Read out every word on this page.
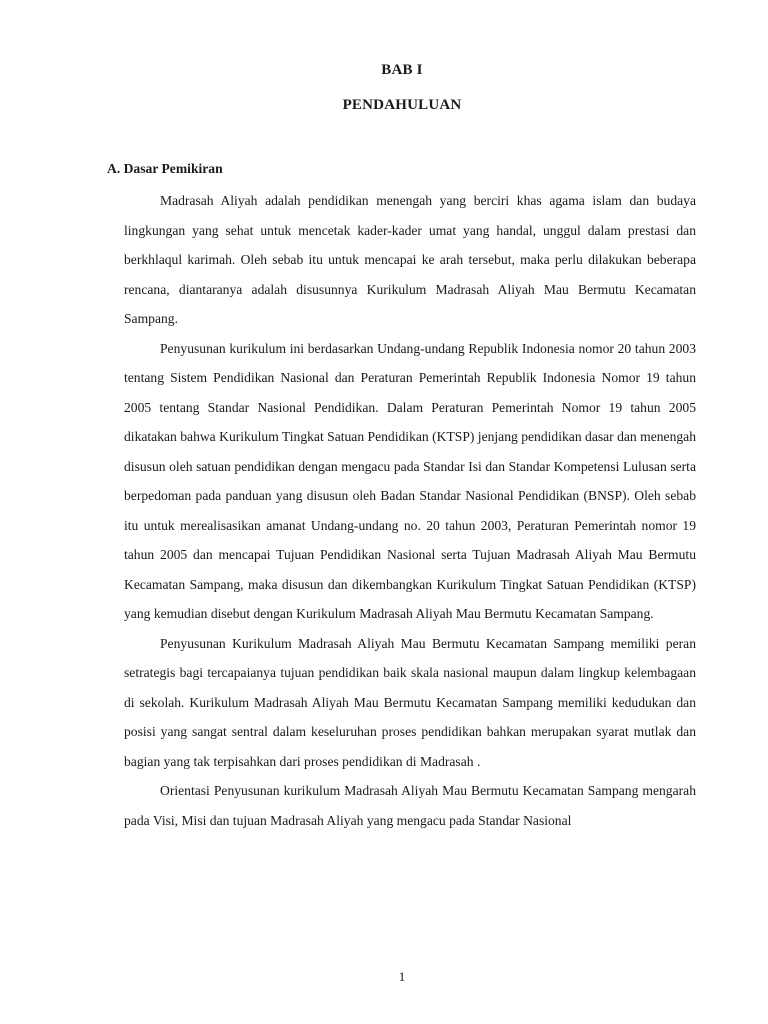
BAB I
PENDAHULUAN
A. Dasar Pemikiran

Madrasah Aliyah adalah pendidikan menengah yang berciri khas agama islam dan budaya lingkungan yang sehat untuk mencetak kader-kader umat yang handal, unggul dalam prestasi dan berkhlaqul karimah. Oleh sebab itu untuk mencapai ke arah tersebut, maka perlu dilakukan beberapa rencana, diantaranya adalah disusunnya Kurikulum Madrasah Aliyah Mau Bermutu Kecamatan Sampang.

Penyusunan kurikulum ini berdasarkan Undang-undang Republik Indonesia nomor 20 tahun 2003 tentang Sistem Pendidikan Nasional dan Peraturan Pemerintah Republik Indonesia Nomor 19 tahun 2005 tentang Standar Nasional Pendidikan. Dalam Peraturan Pemerintah Nomor 19 tahun 2005 dikatakan bahwa Kurikulum Tingkat Satuan Pendidikan (KTSP) jenjang pendidikan dasar dan menengah disusun oleh satuan pendidikan dengan mengacu pada Standar Isi dan Standar Kompetensi Lulusan serta berpedoman pada panduan yang disusun oleh Badan Standar Nasional Pendidikan (BNSP). Oleh sebab itu untuk merealisasikan amanat Undang-undang no. 20 tahun 2003, Peraturan Pemerintah nomor 19 tahun 2005 dan mencapai Tujuan Pendidikan Nasional serta Tujuan Madrasah Aliyah Mau Bermutu Kecamatan Sampang, maka disusun dan dikembangkan Kurikulum Tingkat Satuan Pendidikan (KTSP) yang kemudian disebut dengan Kurikulum Madrasah Aliyah Mau Bermutu Kecamatan Sampang.

Penyusunan Kurikulum Madrasah Aliyah Mau Bermutu Kecamatan Sampang memiliki peran setrategis bagi tercapaianya tujuan pendidikan baik skala nasional maupun dalam lingkup kelembagaan di sekolah. Kurikulum Madrasah Aliyah Mau Bermutu Kecamatan Sampang memiliki kedudukan dan posisi yang sangat sentral dalam keseluruhan proses pendidikan bahkan merupakan syarat mutlak dan bagian yang tak terpisahkan dari proses pendidikan di Madrasah .

Orientasi Penyusunan kurikulum Madrasah Aliyah Mau Bermutu Kecamatan Sampang mengarah pada Visi, Misi dan tujuan Madrasah Aliyah yang mengacu pada Standar Nasional

1
